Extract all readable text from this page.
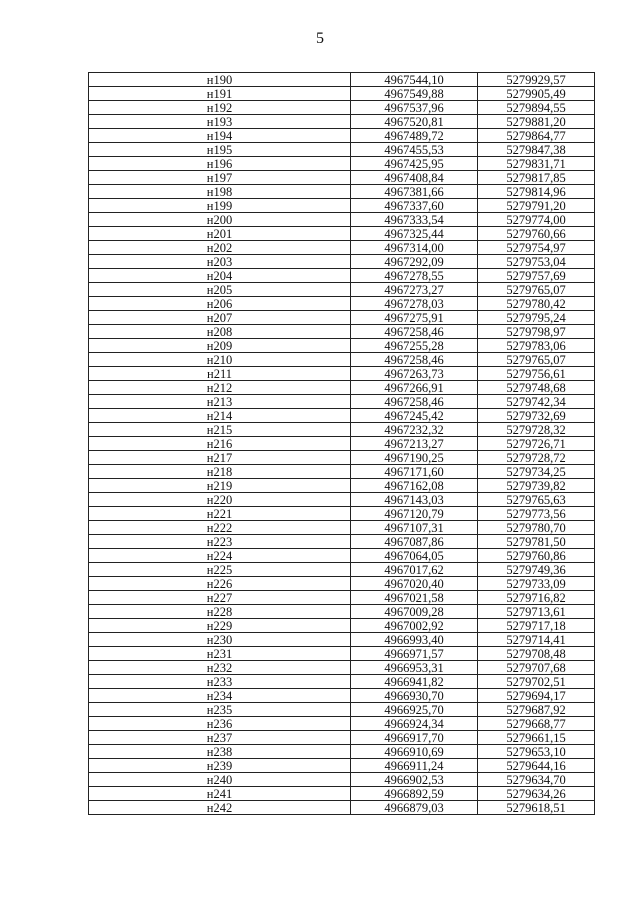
5
н190	4967544,10	5279929,57
н191	4967549,88	5279905,49
н192	4967537,96	5279894,55
н193	4967520,81	5279881,20
н194	4967489,72	5279864,77
н195	4967455,53	5279847,38
н196	4967425,95	5279831,71
н197	4967408,84	5279817,85
н198	4967381,66	5279814,96
н199	4967337,60	5279791,20
н200	4967333,54	5279774,00
н201	4967325,44	5279760,66
н202	4967314,00	5279754,97
н203	4967292,09	5279753,04
н204	4967278,55	5279757,69
н205	4967273,27	5279765,07
н206	4967278,03	5279780,42
н207	4967275,91	5279795,24
н208	4967258,46	5279798,97
н209	4967255,28	5279783,06
н210	4967258,46	5279765,07
н211	4967263,73	5279756,61
н212	4967266,91	5279748,68
н213	4967258,46	5279742,34
н214	4967245,42	5279732,69
н215	4967232,32	5279728,32
н216	4967213,27	5279726,71
н217	4967190,25	5279728,72
н218	4967171,60	5279734,25
н219	4967162,08	5279739,82
н220	4967143,03	5279765,63
н221	4967120,79	5279773,56
н222	4967107,31	5279780,70
н223	4967087,86	5279781,50
н224	4967064,05	5279760,86
н225	4967017,62	5279749,36
н226	4967020,40	5279733,09
н227	4967021,58	5279716,82
н228	4967009,28	5279713,61
н229	4967002,92	5279717,18
н230	4966993,40	5279714,41
н231	4966971,57	5279708,48
н232	4966953,31	5279707,68
н233	4966941,82	5279702,51
н234	4966930,70	5279694,17
н235	4966925,70	5279687,92
н236	4966924,34	5279668,77
н237	4966917,70	5279661,15
н238	4966910,69	5279653,10
н239	4966911,24	5279644,16
н240	4966902,53	5279634,70
н241	4966892,59	5279634,26
н242	4966879,03	5279618,51
